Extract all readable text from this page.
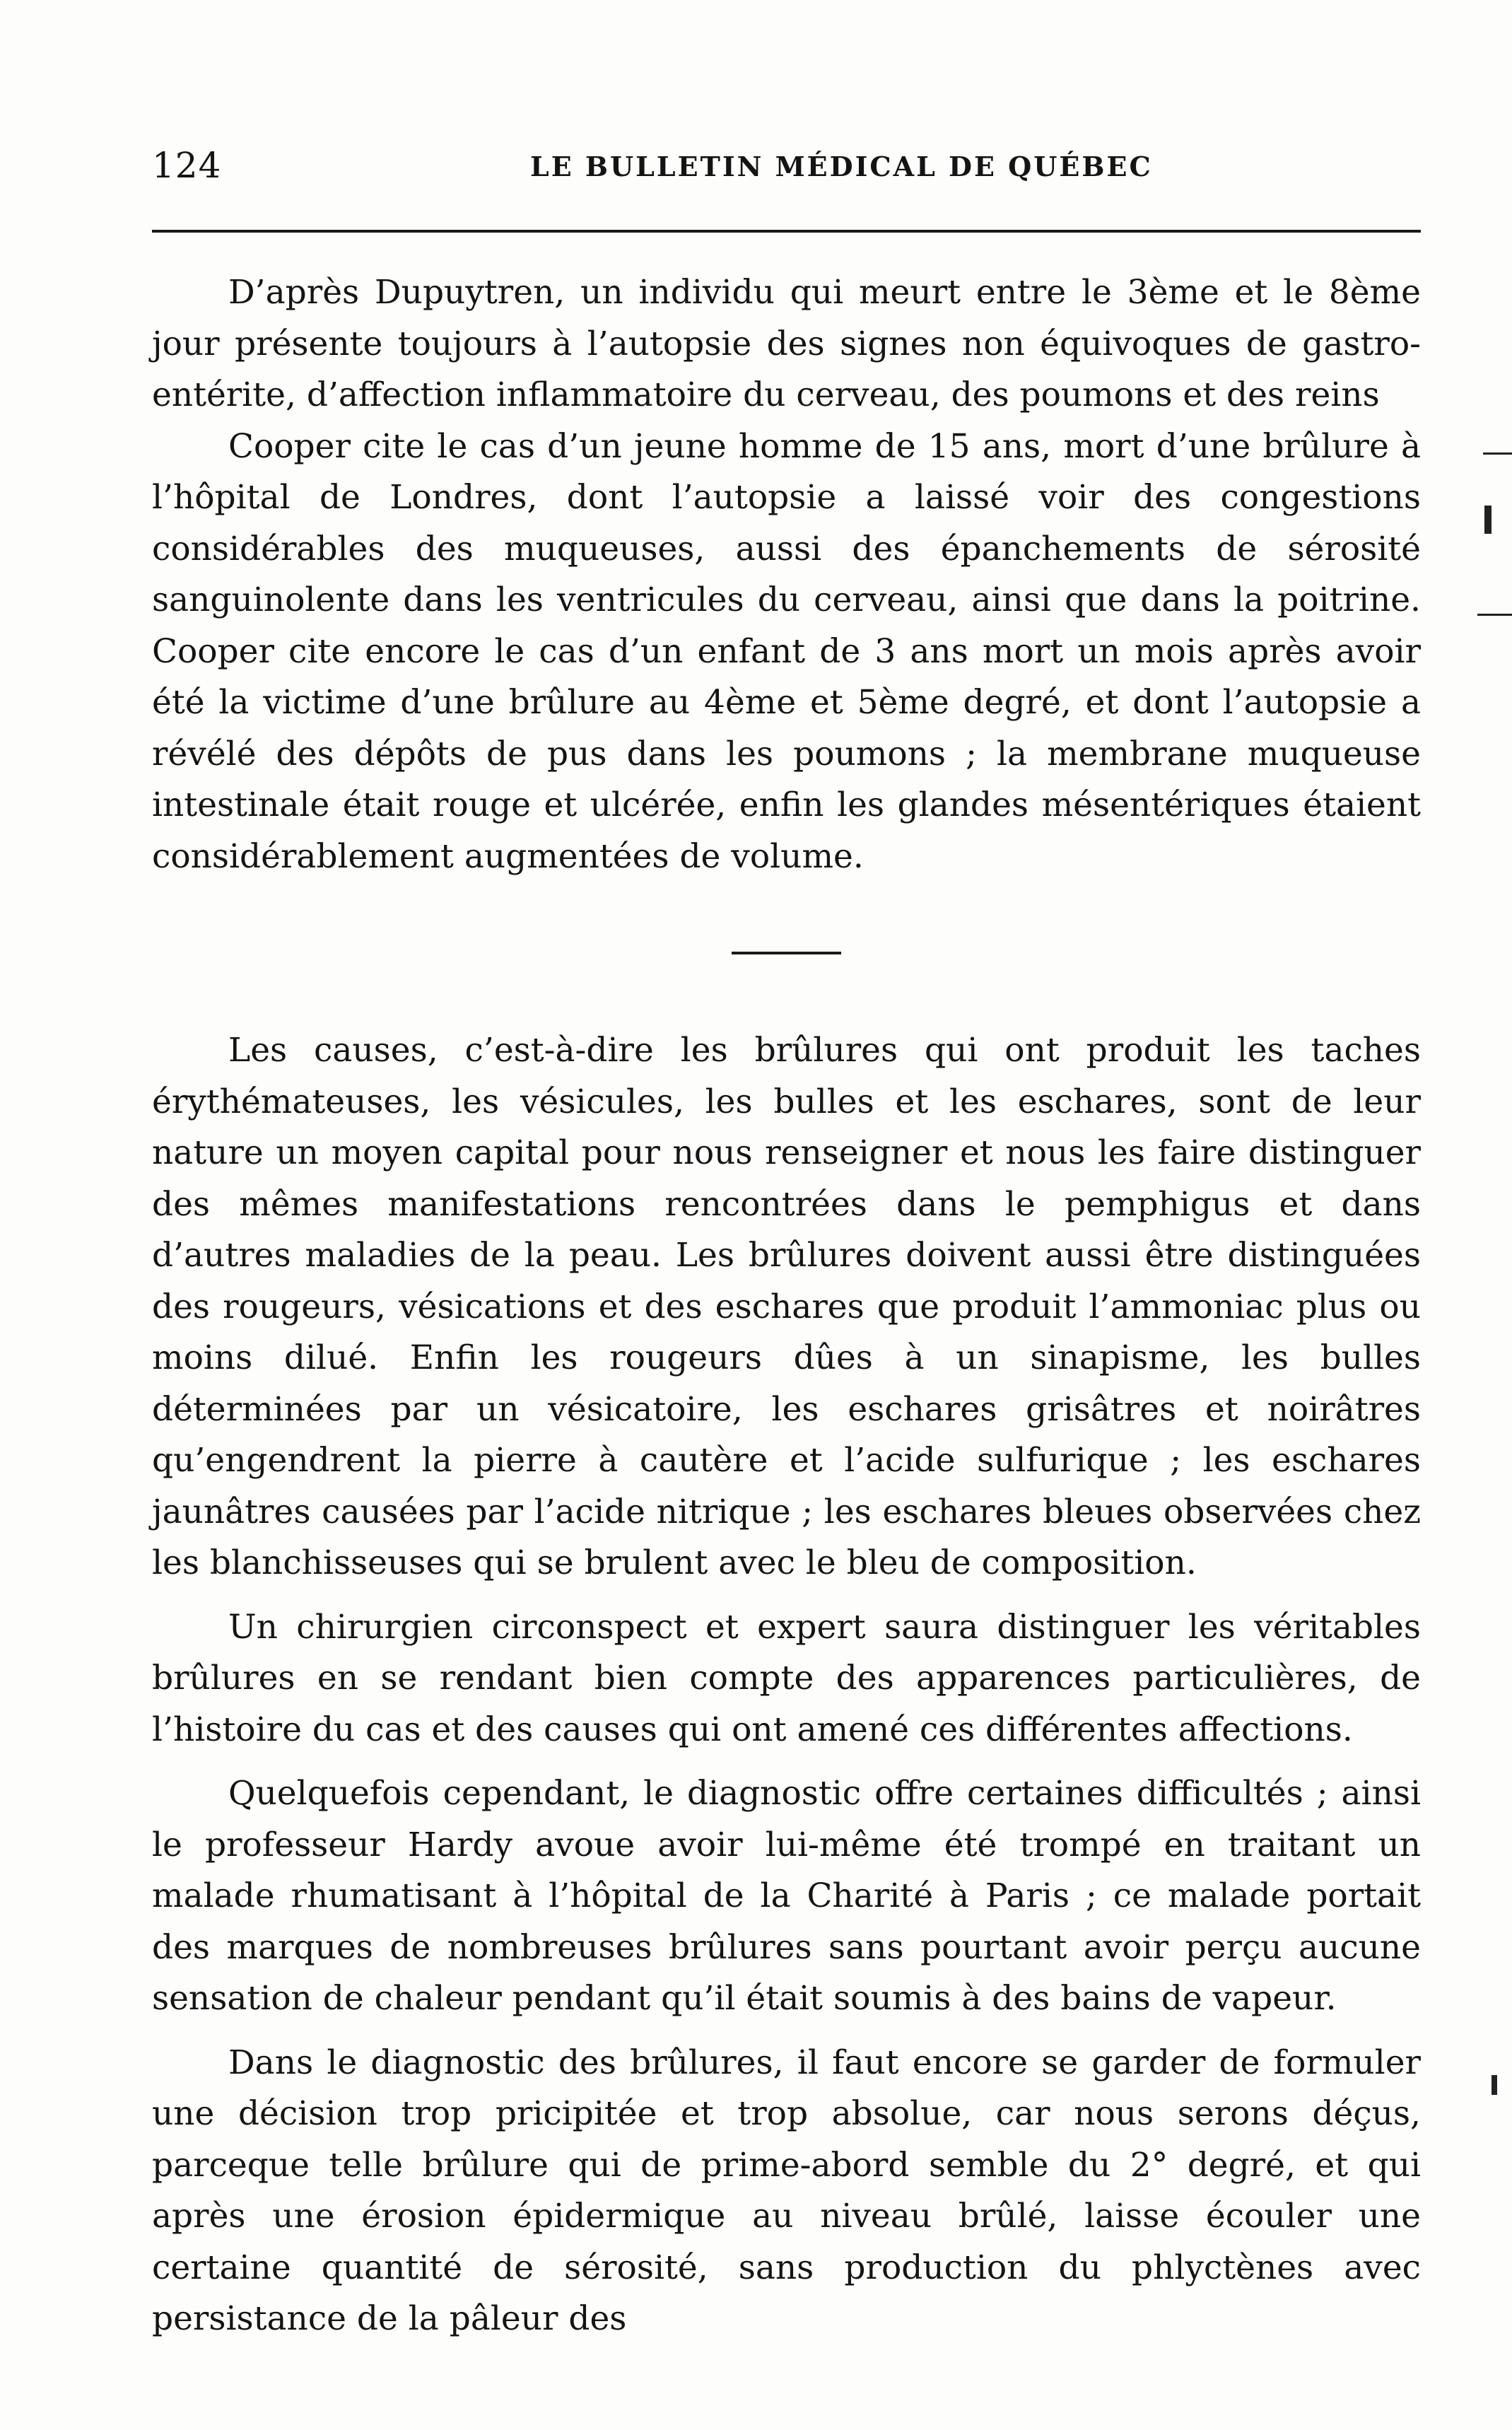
124	LE BULLETIN MÉDICAL DE QUÉBEC

D’après Dupuytren, un individu qui meurt entre le 3ème et le 8ème jour présente toujours à l’autopsie des signes non équivoques de gastro-entérite, d’affection inflammatoire du cerveau, des poumons et des reins

Cooper cite le cas d’un jeune homme de 15 ans, mort d’une brûlure à l’hôpital de Londres, dont l’autopsie a laissé voir des congestions considérables des muqueuses, aussi des épanchements de sérosité sanguinolente dans les ventricules du cerveau, ainsi que dans la poitrine. Cooper cite encore le cas d’un enfant de 3 ans mort un mois après avoir été la victime d’une brûlure au 4ème et 5ème degré, et dont l’autopsie a révélé des dépôts de pus dans les poumons ; la membrane muqueuse intestinale était rouge et ulcérée, enfin les glandes mésentériques étaient considérablement augmentées de volume.

Les causes, c’est-à-dire les brûlures qui ont produit les taches érythémateuses, les vésicules, les bulles et les eschares, sont de leur nature un moyen capital pour nous renseigner et nous les faire distinguer des mêmes manifestations rencontrées dans le pemphigus et dans d’autres maladies de la peau. Les brûlures doivent aussi être distinguées des rougeurs, vésications et des eschares que produit l’ammoniac plus ou moins dilué. Enfin les rougeurs dûes à un sinapisme, les bulles déterminées par un vésicatoire, les eschares grisâtres et noirâtres qu’engendrent la pierre à cautère et l’acide sulfurique ; les eschares jaunâtres causées par l’acide nitrique ; les eschares bleues observées chez les blanchisseuses qui se brulent avec le bleu de composition.

Un chirurgien circonspect et expert saura distinguer les véritables brûlures en se rendant bien compte des apparences particulières, de l’histoire du cas et des causes qui ont amené ces différentes affections.

Quelquefois cependant, le diagnostic offre certaines difficultés ; ainsi le professeur Hardy avoue avoir lui-même été trompé en traitant un malade rhumatisant à l’hôpital de la Charité à Paris ; ce malade portait des marques de nombreuses brûlures sans pourtant avoir perçu aucune sensation de chaleur pendant qu’il était soumis à des bains de vapeur.

Dans le diagnostic des brûlures, il faut encore se garder de formuler une décision trop pricipitée et trop absolue, car nous serons déçus, parceque telle brûlure qui de prime-abord semble du 2° degré, et qui après une érosion épidermique au niveau brûlé, laisse écouler une certaine quantité de sérosité, sans production du phlyctènes avec persistance de la pâleur des
